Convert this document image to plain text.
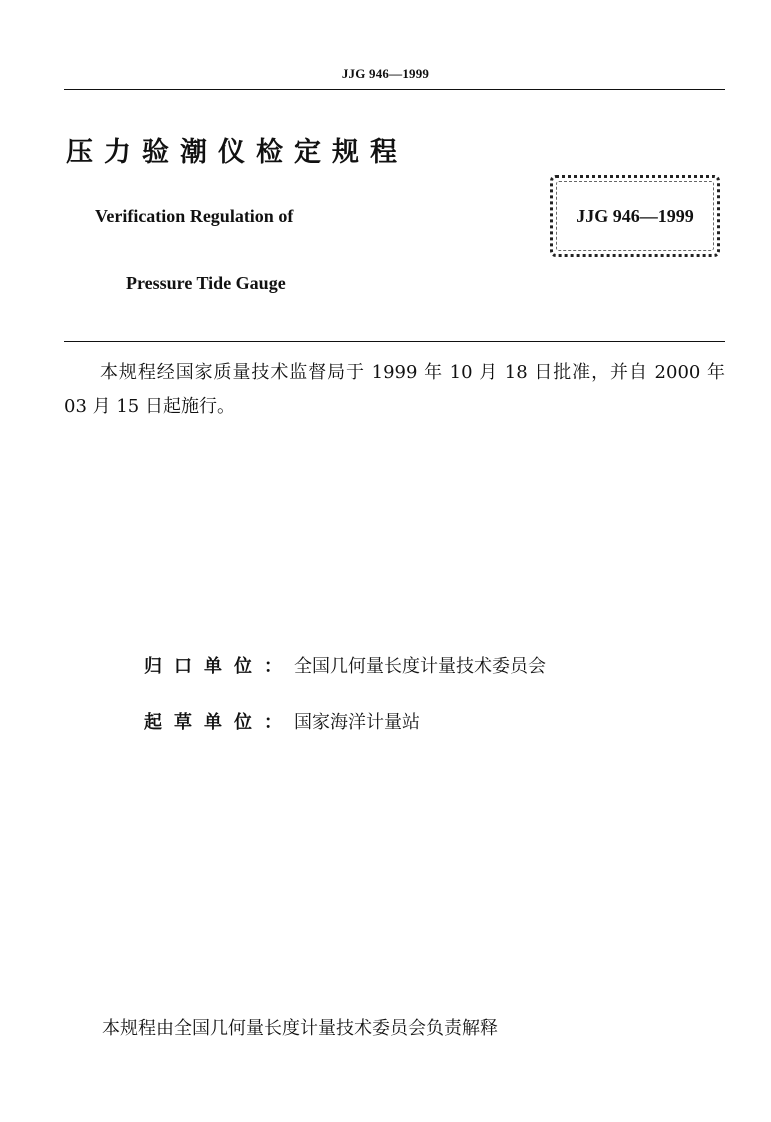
JJG 946—1999
压力验潮仪检定规程
Verification Regulation of
Pressure Tide Gauge
JJG 946—1999
本规程经国家质量技术监督局于 1999 年 10 月 18 日批准，并自 2000 年 03 月 15 日起施行。
归口单位：全国几何量长度计量技术委员会
起草单位：国家海洋计量站
本规程由全国几何量长度计量技术委员会负责解释
